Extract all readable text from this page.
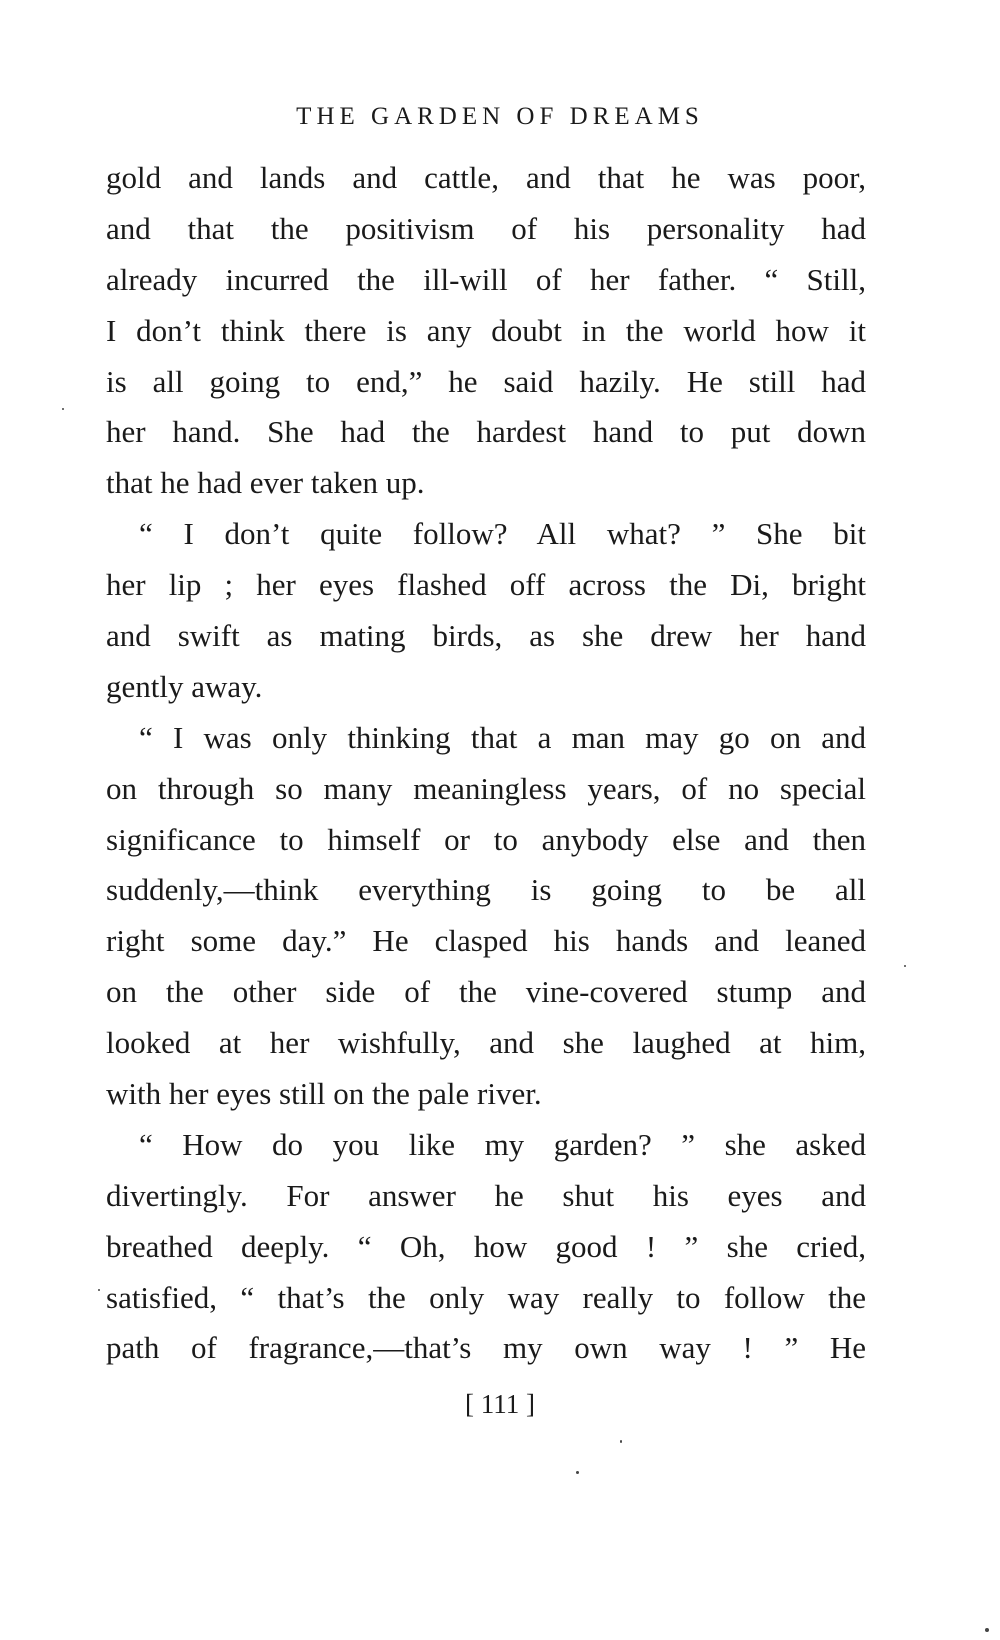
THE GARDEN OF DREAMS
gold and lands and cattle, and that he was poor,
and that the positivism of his personality had
already incurred the ill-will of her father. “ Still,
I don’t think there is any doubt in the world how it
is all going to end,” he said hazily. He still had
her hand. She had the hardest hand to put down
that he had ever taken up.
“ I don’t quite follow? All what? ” She bit
her lip ; her eyes flashed off across the Di, bright
and swift as mating birds, as she drew her hand
gently away.
“ I was only thinking that a man may go on and
on through so many meaningless years, of no special
significance to himself or to anybody else and then
suddenly,—think everything is going to be all
right some day.” He clasped his hands and leaned
on the other side of the vine-covered stump and
looked at her wishfully, and she laughed at him,
with her eyes still on the pale river.
“ How do you like my garden? ” she asked
divertingly. For answer he shut his eyes and
breathed deeply. “ Oh, how good ! ” she cried,
satisfied, “ that’s the only way really to follow the
path of fragrance,—that’s my own way ! ” He
[ 111 ]
